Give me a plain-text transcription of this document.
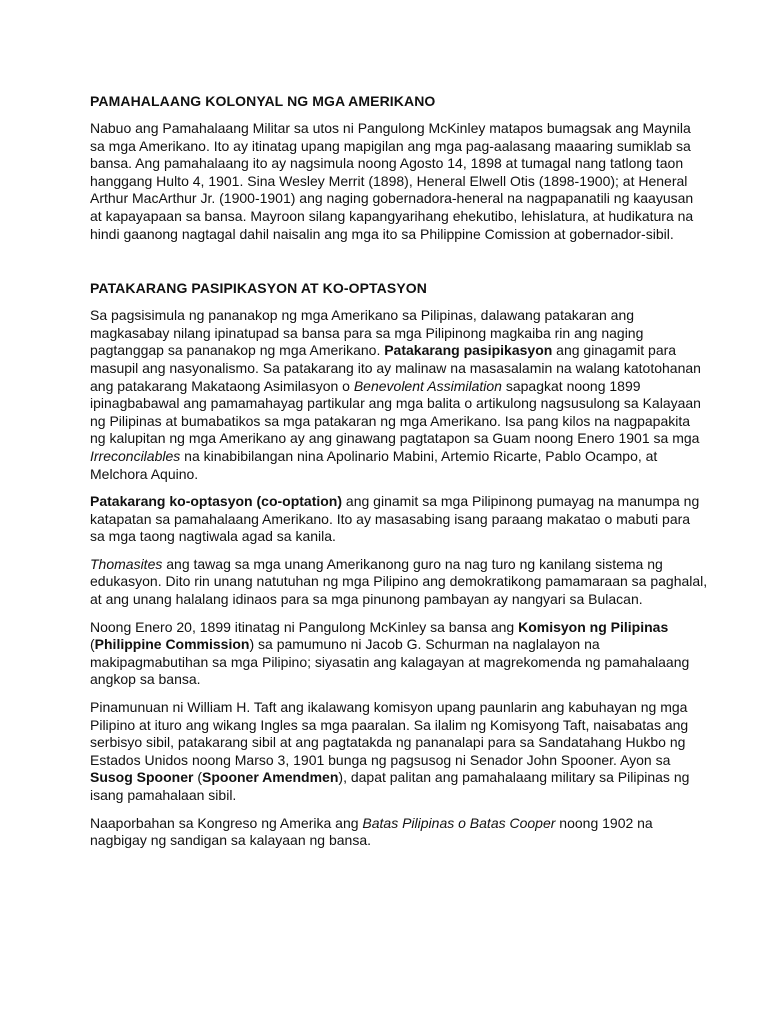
PAMAHALAANG KOLONYAL NG MGA AMERIKANO

Nabuo ang Pamahalaang Militar sa utos ni Pangulong McKinley matapos bumagsak ang Maynila sa mga Amerikano. Ito ay itinatag upang mapigilan ang mga pag-aalasang maaaring sumiklab sa bansa. Ang pamahalaang ito ay nagsimula noong Agosto 14, 1898 at tumagal nang tatlong taon hanggang Hulto 4, 1901. Sina Wesley Merrit (1898), Heneral Elwell Otis (1898-1900); at Heneral Arthur MacArthur Jr. (1900-1901) ang naging gobernadora-heneral na nagpapanatili ng kaayusan at kapayapaan sa bansa. Mayroon silang kapangyarihang ehekutibo, lehislatura, at hudikatura na hindi gaanong nagtagal dahil naisalin ang mga ito sa Philippine Comission at gobernador-sibil.

PATAKARANG PASIPIKASYON AT KO-OPTASYON

Sa pagsisimula ng pananakop ng mga Amerikano sa Pilipinas, dalawang patakaran ang magkasabay nilang ipinatupad sa bansa para sa mga Pilipinong magkaiba rin ang naging pagtanggap sa pananakop ng mga Amerikano. Patakarang pasipikasyon ang ginagamit para masupil ang nasyonalismo. Sa patakarang ito ay malinaw na masasalamin na walang katotohanan ang patakarang Makataong Asimilasyon o Benevolent Assimilation sapagkat noong 1899 ipinagbabawal ang pamamahayag partikular ang mga balita o artikulong nagsusulong sa Kalayaan ng Pilipinas at bumabatikos sa mga patakaran ng mga Amerikano. Isa pang kilos na nagpapakita ng kalupitan ng mga Amerikano ay ang ginawang pagtatapon sa Guam noong Enero 1901 sa mga Irreconcilables na kinabibilangan nina Apolinario Mabini, Artemio Ricarte, Pablo Ocampo, at Melchora Aquino.

Patakarang ko-optasyon (co-optation) ang ginamit sa mga Pilipinong pumayag na manumpa ng katapatan sa pamahalaang Amerikano. Ito ay masasabing isang paraang makatao o mabuti para sa mga taong nagtiwala agad sa kanila.

Thomasites ang tawag sa mga unang Amerikanong guro na nag turo ng kanilang sistema ng edukasyon. Dito rin unang natutuhan ng mga Pilipino ang demokratikong pamamaraan sa paghalal, at ang unang halalang idinaos para sa mga pinunong pambayan ay nangyari sa Bulacan.

Noong Enero 20, 1899 itinatag ni Pangulong McKinley sa bansa ang Komisyon ng Pilipinas (Philippine Commission) sa pamumuno ni Jacob G. Schurman na naglalayon na makipagmabutihan sa mga Pilipino; siyasatin ang kalagayan at magrekomenda ng pamahalaang angkop sa bansa.

Pinamunuan ni William H. Taft ang ikalawang komisyon upang paunlarin ang kabuhayan ng mga Pilipino at ituro ang wikang Ingles sa mga paaralan. Sa ilalim ng Komisyong Taft, naisabatas ang serbisyo sibil, patakarang sibil at ang pagtatakda ng pananalapi para sa Sandatahang Hukbo ng Estados Unidos noong Marso 3, 1901 bunga ng pagsusog ni Senador John Spooner. Ayon sa Susog Spooner (Spooner Amendmen), dapat palitan ang pamahalaang military sa Pilipinas ng isang pamahalaan sibil.

Naaporbahan sa Kongreso ng Amerika ang Batas Pilipinas o Batas Cooper noong 1902 na nagbigay ng sandigan sa kalayaan ng bansa.
